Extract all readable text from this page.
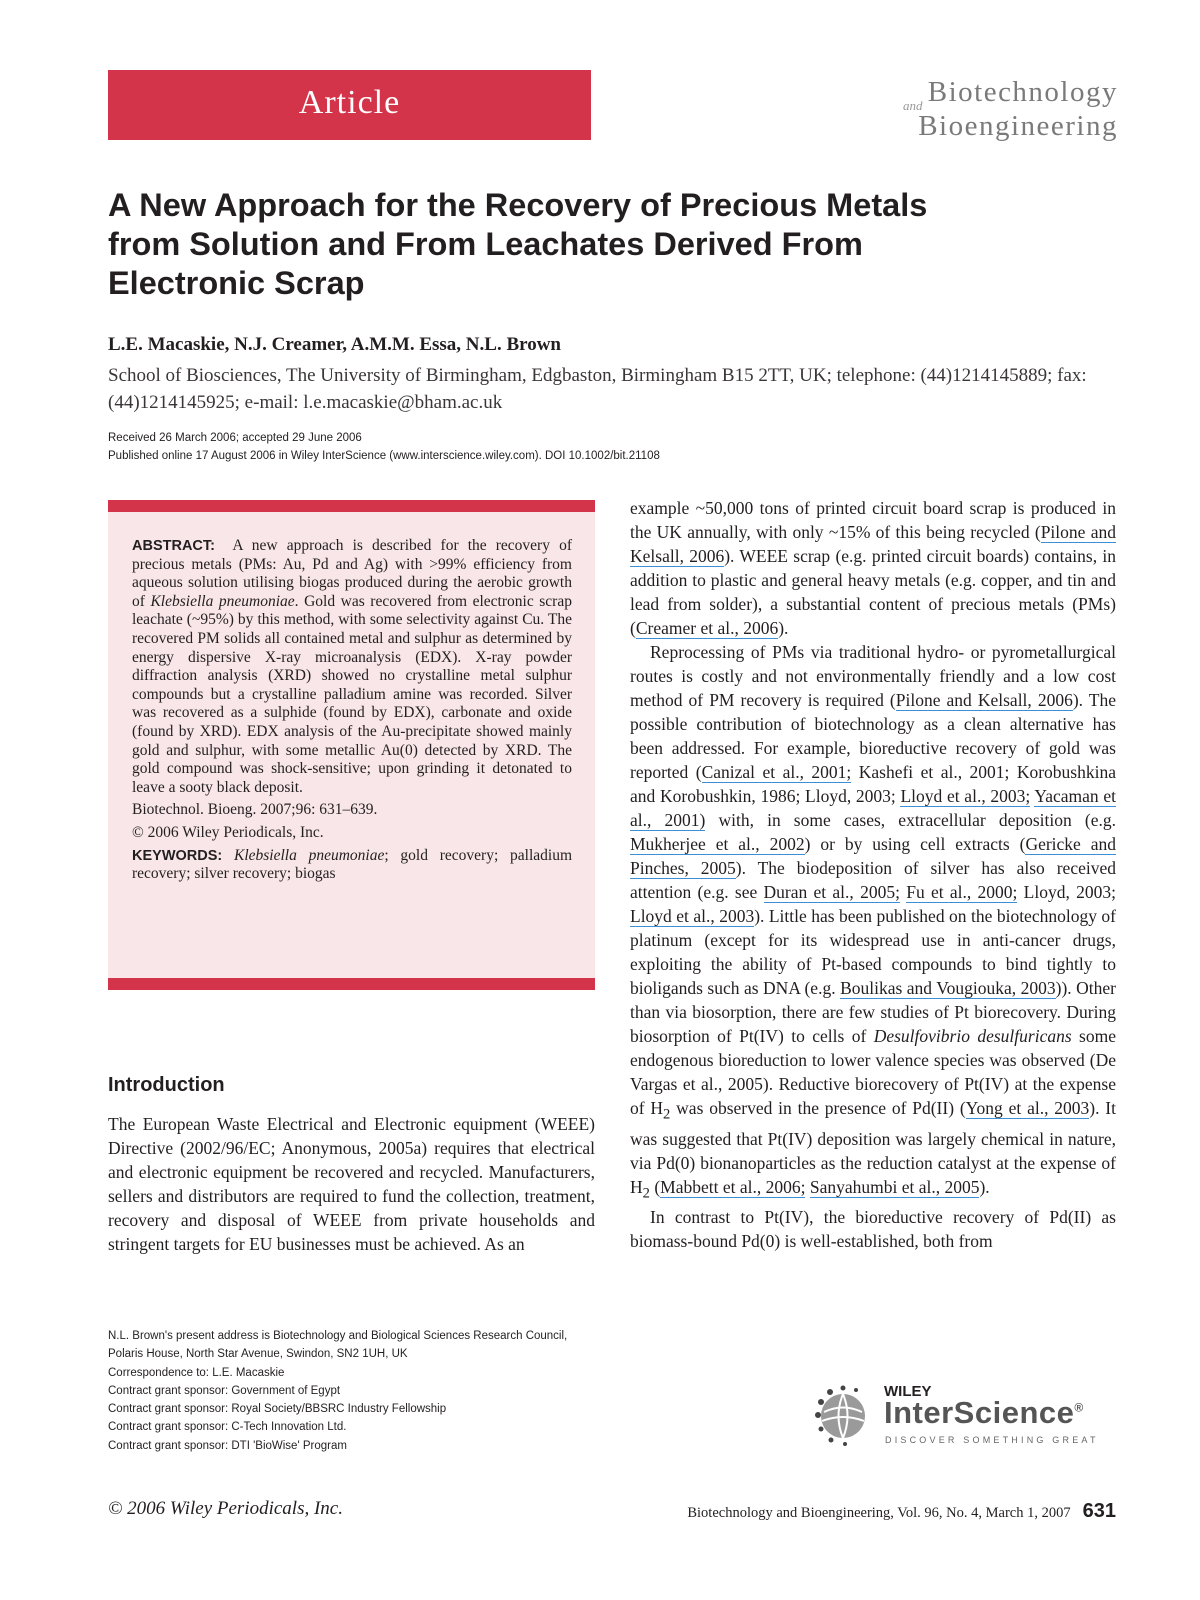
Article	Biotechnology
and
Bioengineering
A New Approach for the Recovery of Precious Metals from Solution and From Leachates Derived From Electronic Scrap
L.E. Macaskie, N.J. Creamer, A.M.M. Essa, N.L. Brown
School of Biosciences, The University of Birmingham, Edgbaston, Birmingham B15 2TT, UK; telephone: (44)1214145889; fax: (44)1214145925; e-mail: l.e.macaskie@bham.ac.uk
Received 26 March 2006; accepted 29 June 2006
Published online 17 August 2006 in Wiley InterScience (www.interscience.wiley.com). DOI 10.1002/bit.21108

ABSTRACT: A new approach is described for the recovery of precious metals (PMs: Au, Pd and Ag) with >99% efficiency from aqueous solution utilising biogas produced during the aerobic growth of Klebsiella pneumoniae. Gold was recovered from electronic scrap leachate (~95%) by this method, with some selectivity against Cu. The recovered PM solids all contained metal and sulphur as determined by energy dispersive X-ray microanalysis (EDX). X-ray powder diffraction analysis (XRD) showed no crystalline metal sulphur compounds but a crystalline palladium amine was recorded. Silver was recovered as a sulphide (found by EDX), carbonate and oxide (found by XRD). EDX analysis of the Au-precipitate showed mainly gold and sulphur, with some metallic Au(0) detected by XRD. The gold compound was shock-sensitive; upon grinding it detonated to leave a sooty black deposit.

Biotechnol. Bioeng. 2007;96: 631–639.

© 2006 Wiley Periodicals, Inc.

KEYWORDS: Klebsiella pneumoniae; gold recovery; palladium recovery; silver recovery; biogas

Introduction
The European Waste Electrical and Electronic equipment (WEEE) Directive (2002/96/EC; Anonymous, 2005a) requires that electrical and electronic equipment be recovered and recycled. Manufacturers, sellers and distributors are required to fund the collection, treatment, recovery and disposal of WEEE from private households and stringent targets for EU businesses must be achieved. As an

example ~50,000 tons of printed circuit board scrap is produced in the UK annually, with only ~15% of this being recycled (Pilone and Kelsall, 2006). WEEE scrap (e.g. printed circuit boards) contains, in addition to plastic and general heavy metals (e.g. copper, and tin and lead from solder), a substantial content of precious metals (PMs) (Creamer et al., 2006).

Reprocessing of PMs via traditional hydro- or pyrometallurgical routes is costly and not environmentally friendly and a low cost method of PM recovery is required (Pilone and Kelsall, 2006). The possible contribution of biotechnology as a clean alternative has been addressed. For example, bioreductive recovery of gold was reported (Canizal et al., 2001; Kashefi et al., 2001; Korobushkina and Korobushkin, 1986; Lloyd, 2003; Lloyd et al., 2003; Yacaman et al., 2001) with, in some cases, extracellular deposition (e.g. Mukherjee et al., 2002) or by using cell extracts (Gericke and Pinches, 2005). The biodeposition of silver has also received attention (e.g. see Duran et al., 2005; Fu et al., 2000; Lloyd, 2003; Lloyd et al., 2003). Little has been published on the biotechnology of platinum (except for its widespread use in anti-cancer drugs, exploiting the ability of Pt-based compounds to bind tightly to bioligands such as DNA (e.g. Boulikas and Vougiouka, 2003)). Other than via biosorption, there are few studies of Pt biorecovery. During biosorption of Pt(IV) to cells of Desulfovibrio desulfuricans some endogenous bioreduction to lower valence species was observed (De Vargas et al., 2005). Reductive biorecovery of Pt(IV) at the expense of $H_2$ was observed in the presence of Pd(II) (Yong et al., 2003). It was suggested that Pt(IV) deposition was largely chemical in nature, via Pd(0) bionanoparticles as the reduction catalyst at the expense of $H_2$ (Mabbett et al., 2006; Sanyahumbi et al., 2005).

In contrast to Pt(IV), the bioreductive recovery of Pd(II) as biomass-bound Pd(0) is well-established, both from

N.L. Brown's present address is Biotechnology and Biological Sciences Research Council, Polaris House, North Star Avenue, Swindon, SN2 1UH, UK
Correspondence to: L.E. Macaskie
Contract grant sponsor: Government of Egypt
Contract grant sponsor: Royal Society/BBSRC Industry Fellowship
Contract grant sponsor: C-Tech Innovation Ltd.
Contract grant sponsor: DTI 'BioWise' Program
WILEY
InterScience®
DISCOVER SOMETHING GREAT
© 2006 Wiley Periodicals, Inc.	Biotechnology and Bioengineering, Vol. 96, No. 4, March 1, 2007 631
